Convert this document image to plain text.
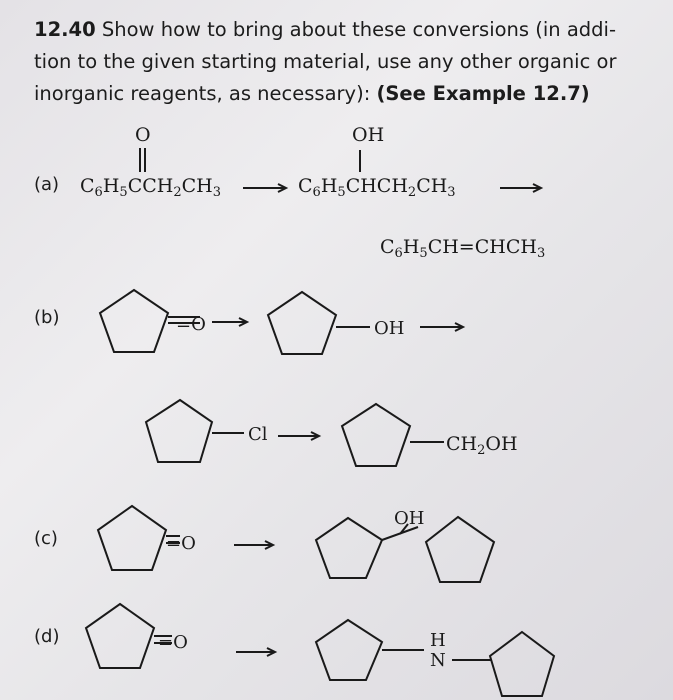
12.40 Show how to bring about these conversions (in addi-
tion to the given starting material, use any other organic or
inorganic reagents, as necessary): (See Example 12.7)
(a)
(b)
(c)
(d)
$C_6H_5CCH_2CH_3$
O
$C_6H_5CHCH_2CH_3$
OH
$C_6H_5CH=CHCH_3$
$CH_2OH$
=O	OH
Cl
=O
OH
=O	H
N
